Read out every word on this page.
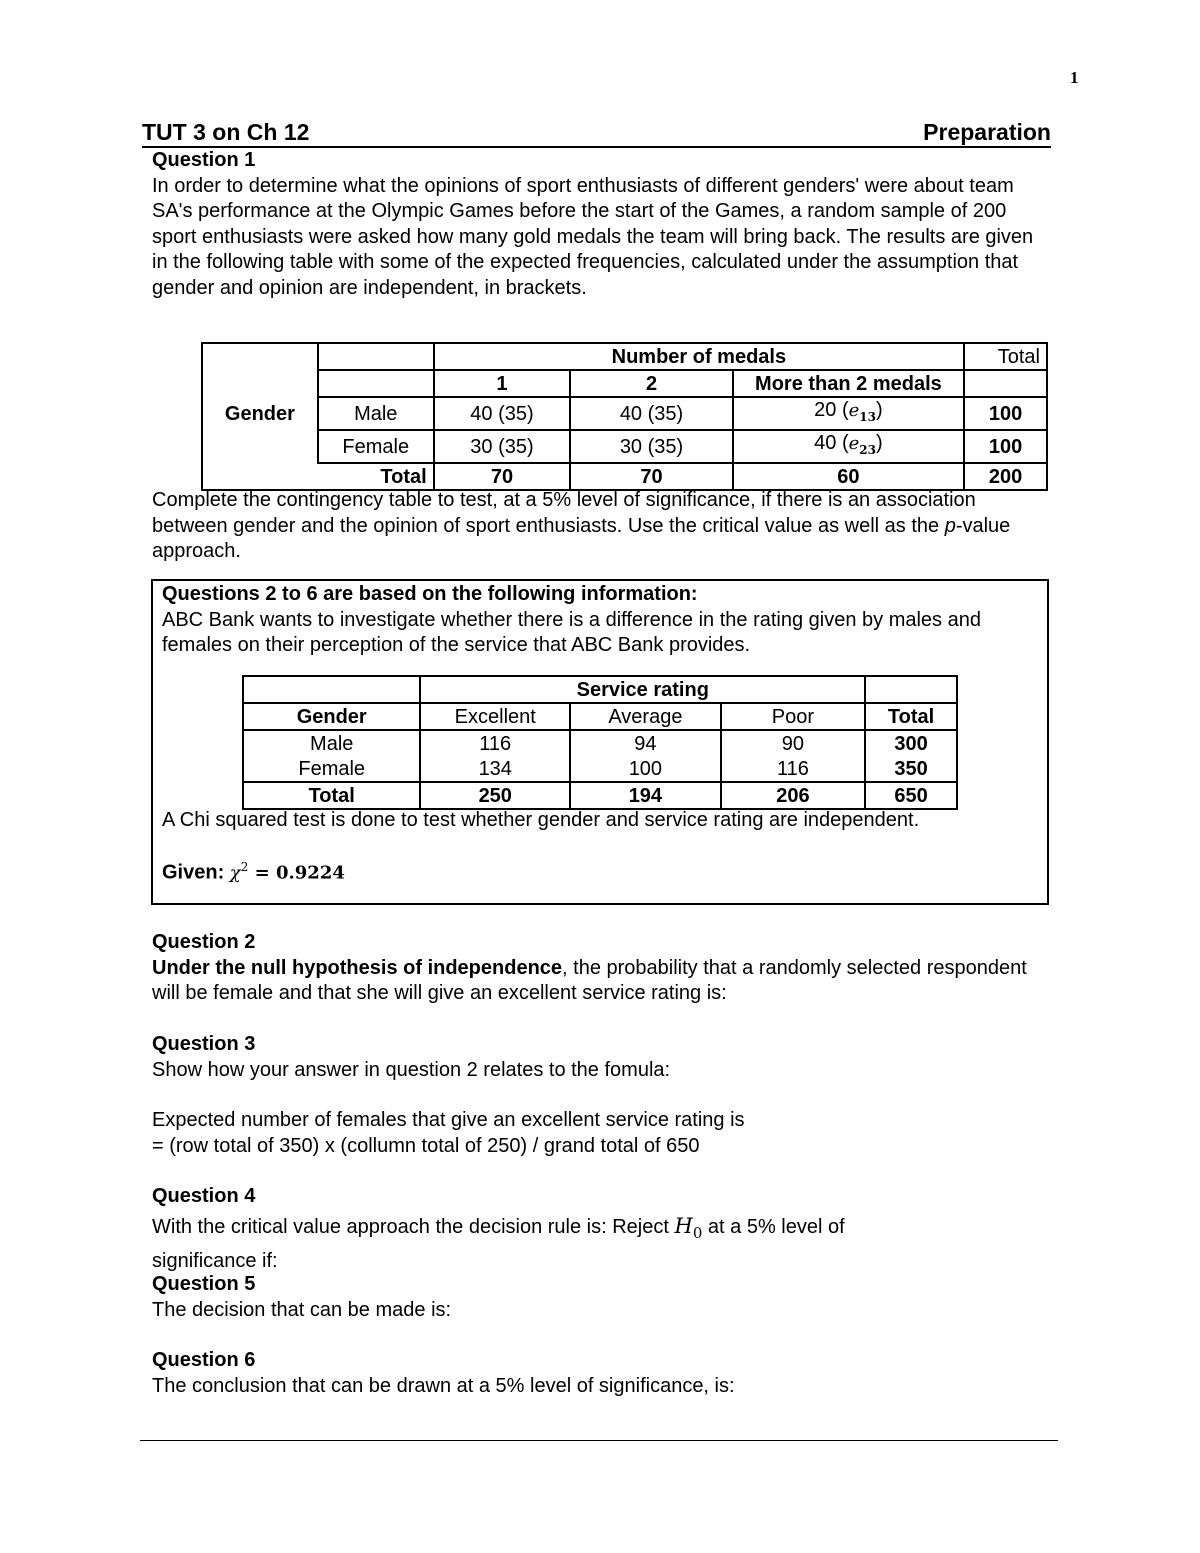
1
TUT 3 on Ch 12	Preparation
Question 1

In order to determine what the opinions of sport enthusiasts of different genders' were about team SA's performance at the Olympic Games before the start of the Games, a random sample of 200 sport enthusiasts were asked how many gold medals the team will bring back. The results are given in the following table with some of the expected frequencies, calculated under the assumption that gender and opinion are independent, in brackets.

		Number of medals			Total
		1	2	More than 2 medals	
Gender	Male	40 (35)	40 (35)	20 $(e_{13})$	100
	Female	30 (35)	30 (35)	40 $(e_{23})$	100
Total		70	70	60	200

Complete the contingency table to test, at a 5% level of significance, if there is an association between gender and the opinion of sport enthusiasts. Use the critical value as well as the p-value approach.

Questions 2 to 6 are based on the following information:

ABC Bank wants to investigate whether there is a difference in the rating given by males and females on their perception of the service that ABC Bank provides.

	Service rating			
Gender	Excellent	Average	Poor	Total
Male	116	94	90	300
Female	134	100	116	350
Total	250	194	206	650

A Chi squared test is done to test whether gender and service rating are independent.

Given: $\chi^2 = 0.9224$
Question 2

Under the null hypothesis of independence, the probability that a randomly selected respondent will be female and that she will give an excellent service rating is:

Question 3
Show how your answer in question 2 relates to the fomula:
Expected number of females that give an excellent service rating is
= (row total of 350) x (collumn total of 250) / grand total of 650
Question 4
With the critical value approach the decision rule is: Reject $H_0$ at a 5% level of
significance if:
Question 5
The decision that can be made is:
Question 6
The conclusion that can be drawn at a 5% level of significance, is:
